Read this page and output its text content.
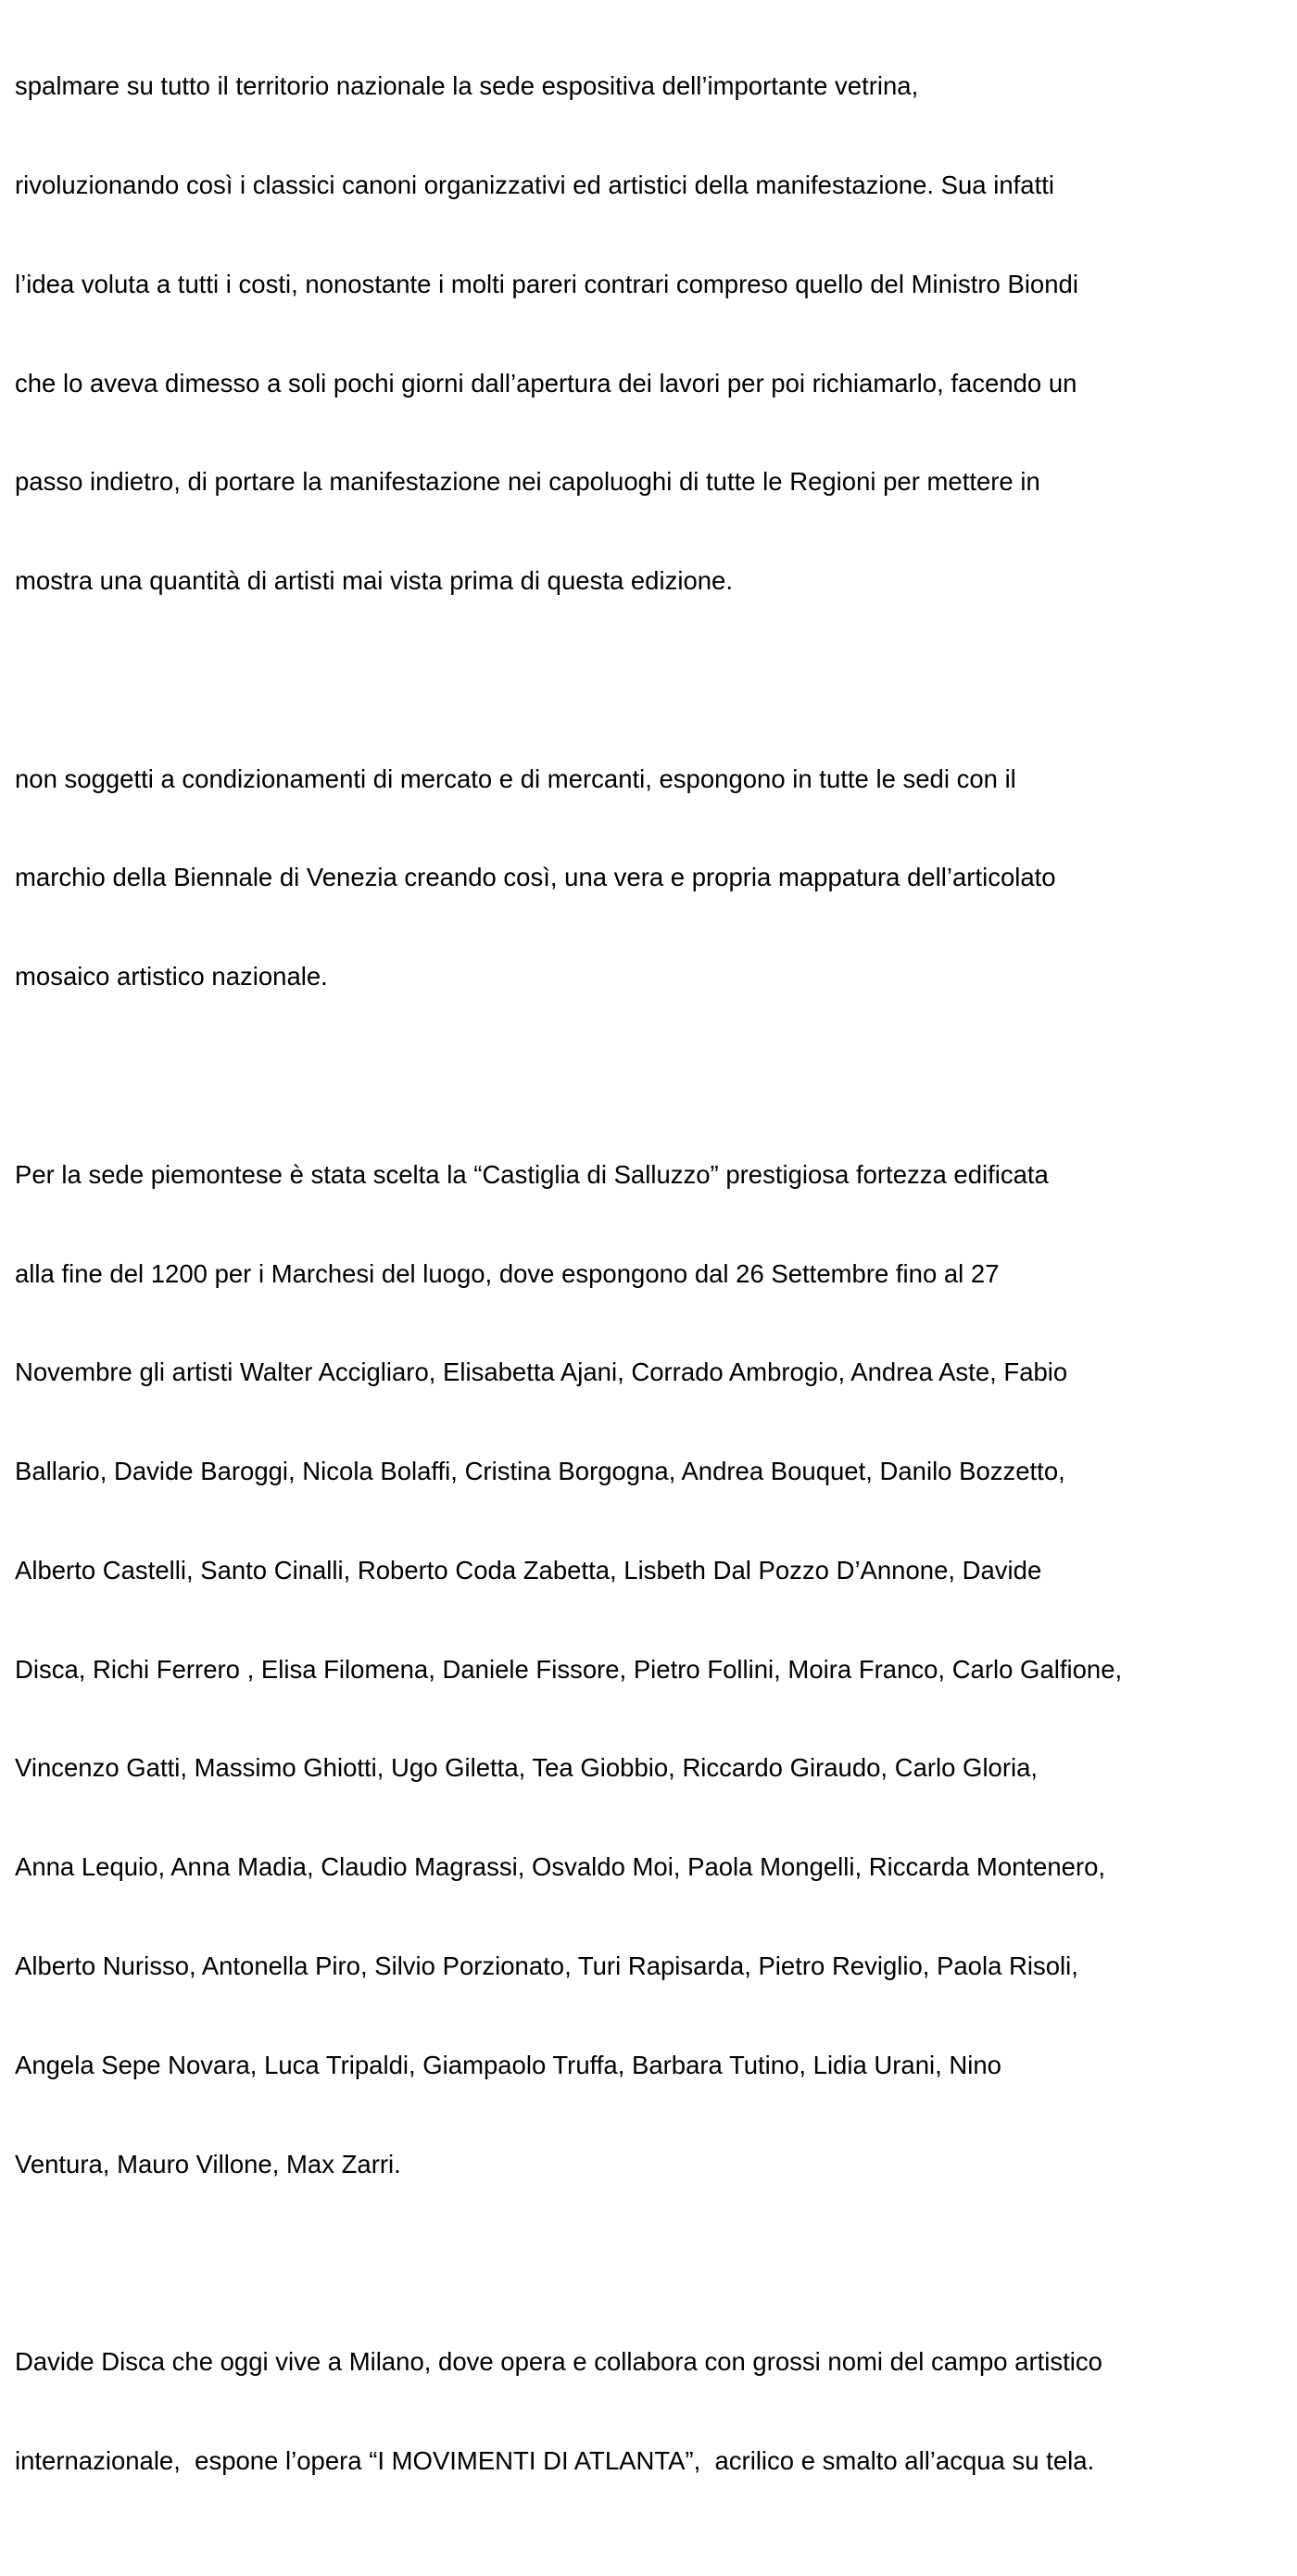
spalmare su tutto il territorio nazionale la sede espositiva dell’importante vetrina,

rivoluzionando così i classici canoni organizzativi ed artistici della manifestazione. Sua infatti

l’idea voluta a tutti i costi, nonostante i molti pareri contrari compreso quello del Ministro Biondi

che lo aveva dimesso a soli pochi giorni dall’apertura dei lavori per poi richiamarlo, facendo un

passo indietro, di portare la manifestazione nei capoluoghi di tutte le Regioni per mettere in

mostra una quantità di artisti mai vista prima di questa edizione.

non soggetti a condizionamenti di mercato e di mercanti, espongono in tutte le sedi con il

marchio della Biennale di Venezia creando così, una vera e propria mappatura dell’articolato

mosaico artistico nazionale.

Per la sede piemontese è stata scelta la “Castiglia di Salluzzo” prestigiosa fortezza edificata

alla fine del 1200 per i Marchesi del luogo, dove espongono dal 26 Settembre fino al 27

Novembre gli artisti Walter Accigliaro, Elisabetta Ajani, Corrado Ambrogio, Andrea Aste, Fabio

Ballario, Davide Baroggi, Nicola Bolaffi, Cristina Borgogna, Andrea Bouquet, Danilo Bozzetto,

Alberto Castelli, Santo Cinalli, Roberto Coda Zabetta, Lisbeth Dal Pozzo D’Annone, Davide

Disca, Richi Ferrero , Elisa Filomena, Daniele Fissore, Pietro Follini, Moira Franco, Carlo Galfione,

Vincenzo Gatti, Massimo Ghiotti, Ugo Giletta, Tea Giobbio, Riccardo Giraudo, Carlo Gloria,

Anna Lequio, Anna Madia, Claudio Magrassi, Osvaldo Moi, Paola Mongelli, Riccarda Montenero,

Alberto Nurisso, Antonella Piro, Silvio Porzionato, Turi Rapisarda, Pietro Reviglio, Paola Risoli,

Angela Sepe Novara, Luca Tripaldi, Giampaolo Truffa, Barbara Tutino, Lidia Urani, Nino

Ventura, Mauro Villone, Max Zarri.

Davide Disca che oggi vive a Milano, dove opera e collabora con grossi nomi del campo artistico

internazionale,  espone l’opera “I MOVIMENTI DI ATLANTA”,  acrilico e smalto all’acqua su tela.
